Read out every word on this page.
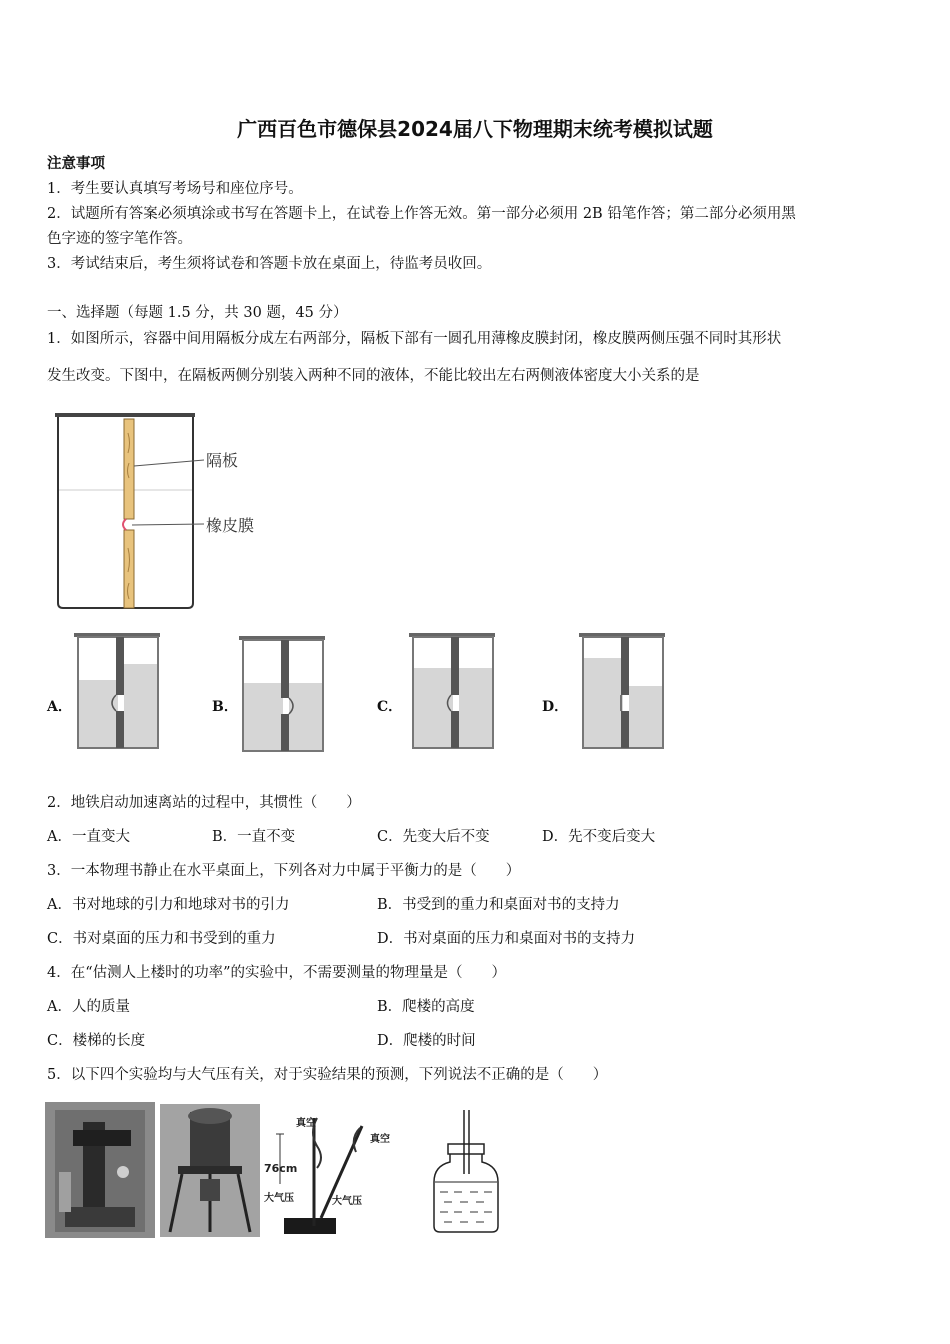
广西百色市德保县2024届八下物理期末统考模拟试题
注意事项
1．考生要认真填写考场号和座位序号。
2．试题所有答案必须填涂或书写在答题卡上，在试卷上作答无效。第一部分必须用 2B 铅笔作答；第二部分必须用黑
色字迹的签字笔作答。
3．考试结束后，考生须将试卷和答题卡放在桌面上，待监考员收回。
一、选择题（每题 1.5 分，共 30 题，45 分）
1．如图所示，容器中间用隔板分成左右两部分，隔板下部有一圆孔用薄橡皮膜封闭，橡皮膜两侧压强不同时其形状
发生改变。下图中，在隔板两侧分别装入两种不同的液体，不能比较出左右两侧液体密度大小关系的是
隔板
橡皮膜
A．	B．	C．	D．
2．地铁启动加速离站的过程中，其惯性（　　）
A．一直变大	B．一直不变	C．先变大后不变	D．先不变后变大
3．一本物理书静止在水平桌面上，下列各对力中属于平衡力的是（　　）
A．书对地球的引力和地球对书的引力	B．书受到的重力和桌面对书的支持力
C．书对桌面的压力和书受到的重力	D．书对桌面的压力和桌面对书的支持力
4．在“估测人上楼时的功率”的实验中，不需要测量的物理量是（　　）
A．人的质量	B．爬楼的高度
C．楼梯的长度	D．爬楼的时间
5．以下四个实验均与大气压有关，对于实验结果的预测，下列说法不正确的是（　　）
真空
真空
76cm
大气压	大气压
